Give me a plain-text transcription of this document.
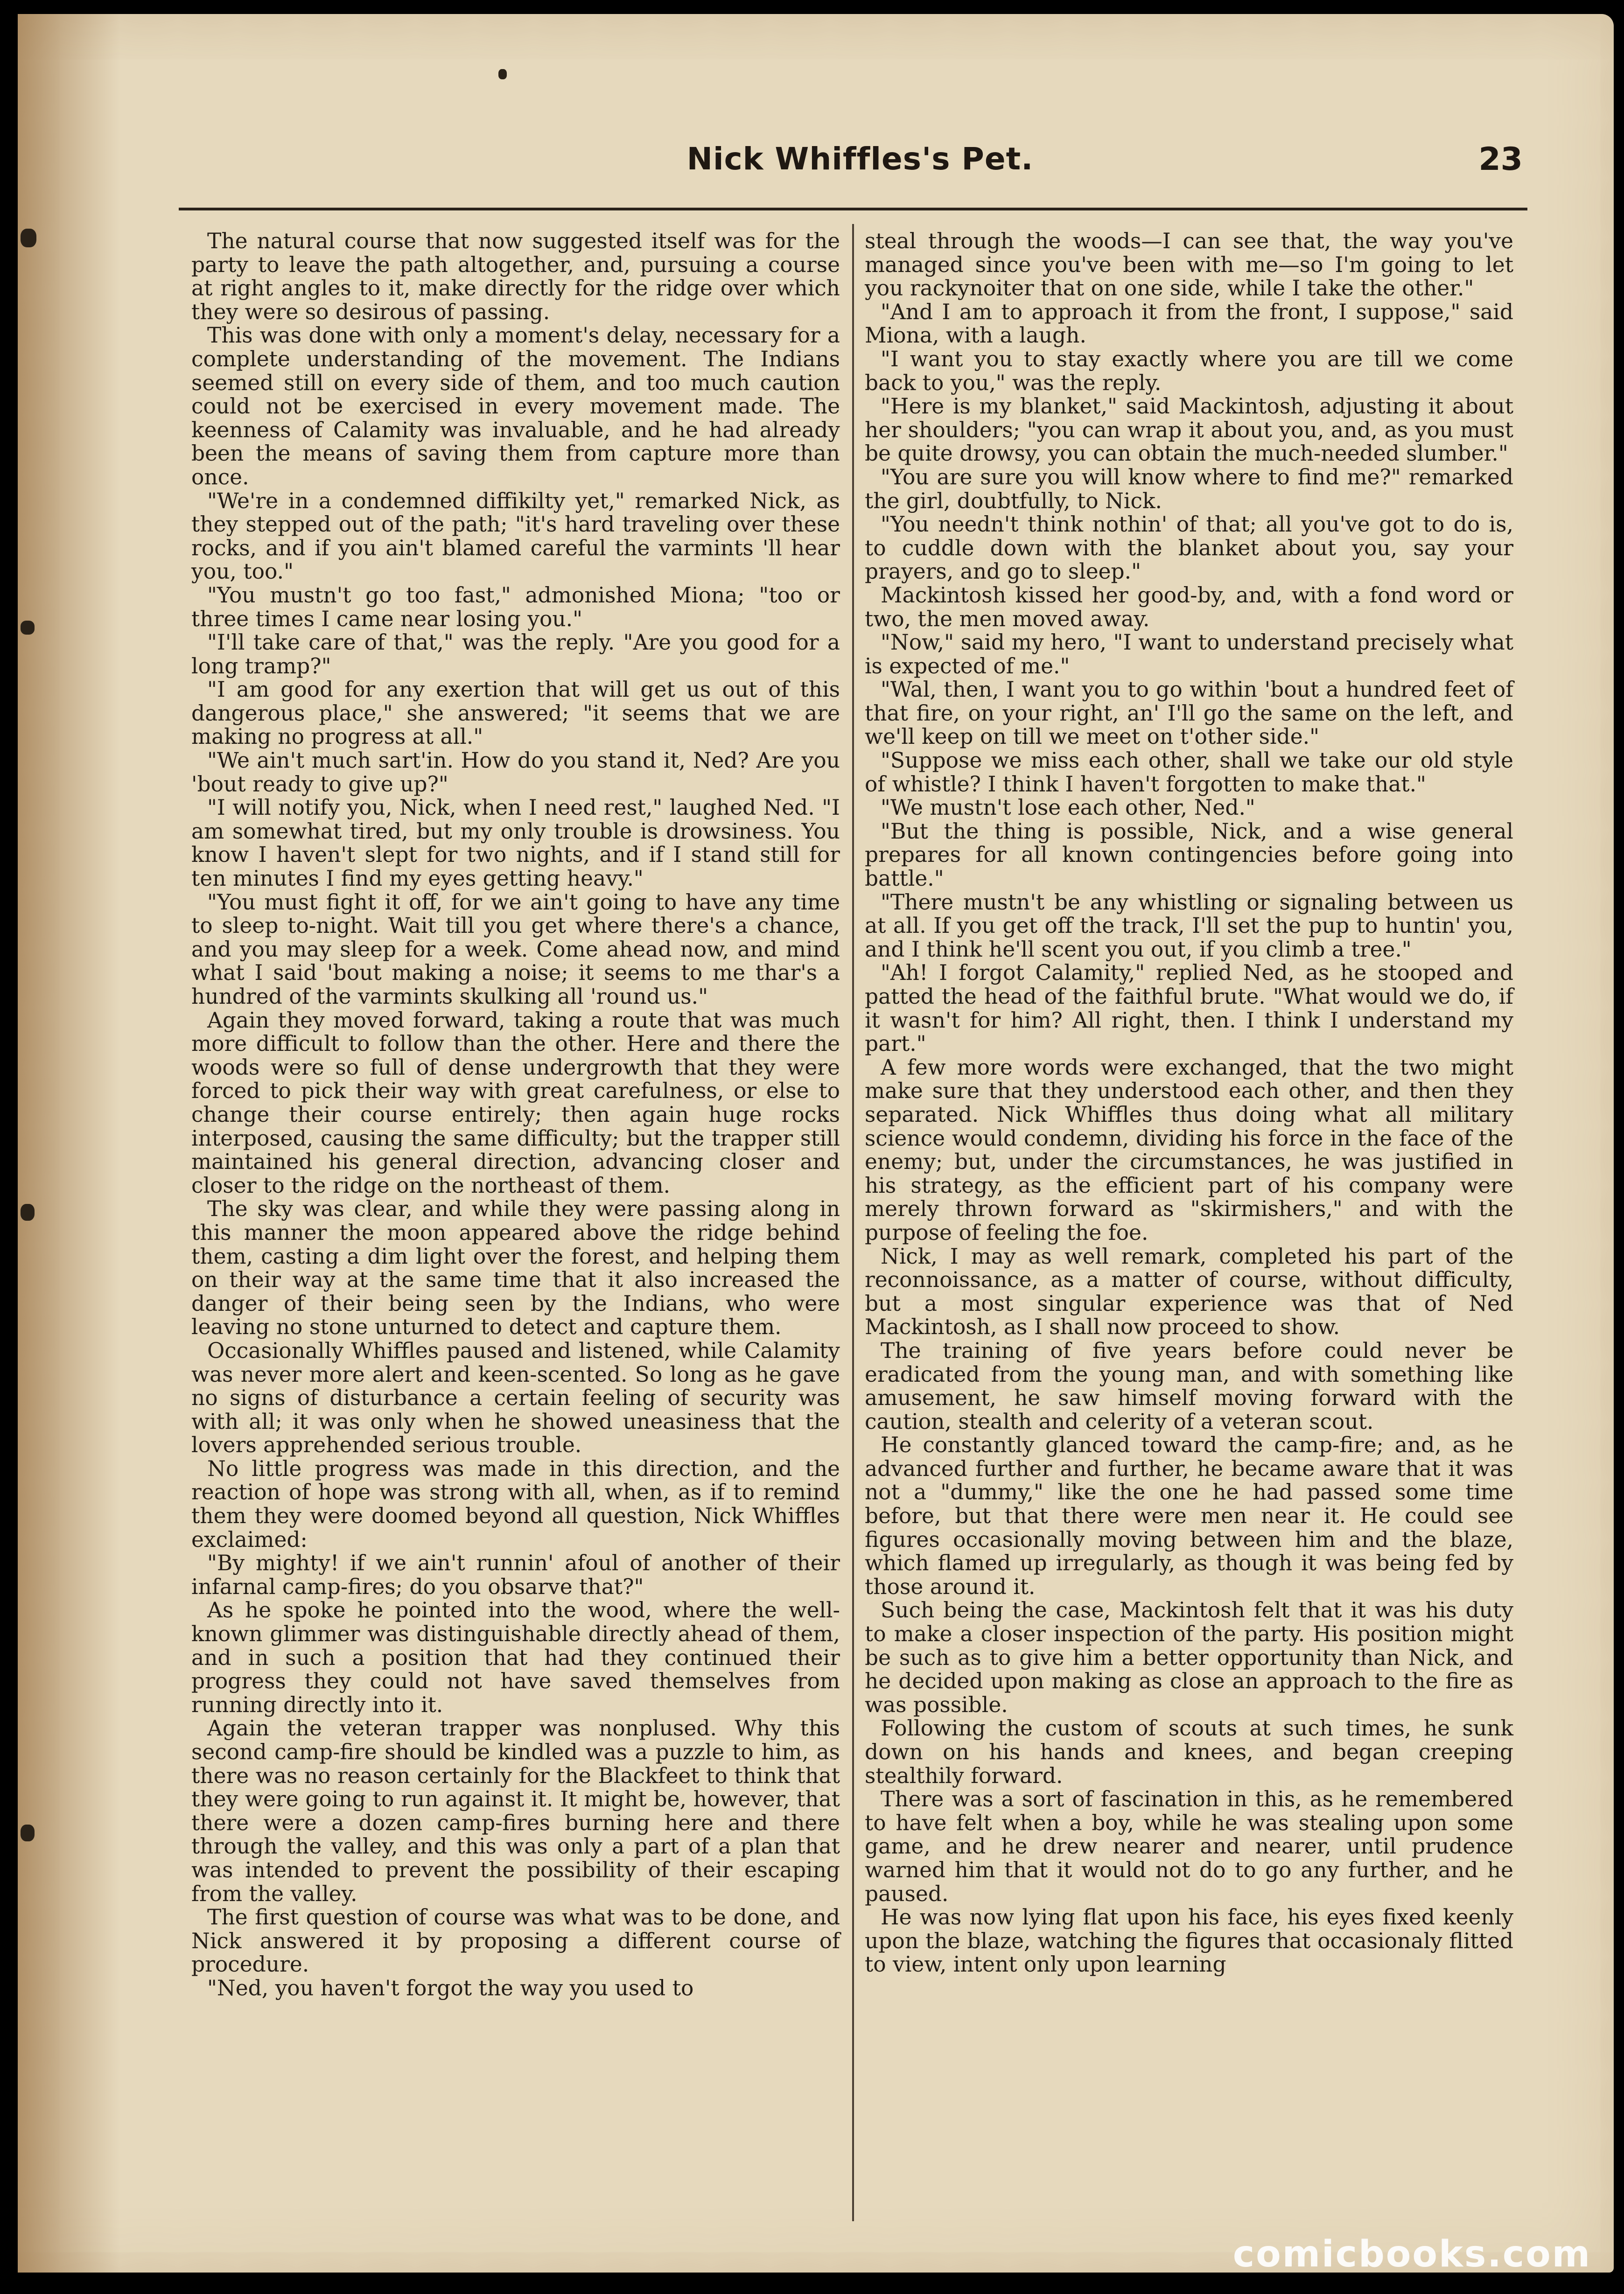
Nick Whiffles's Pet.	23

The natural course that now suggested itself was for the party to leave the path altogether, and, pursuing a course at right angles to it, make directly for the ridge over which they were so desirous of passing.

This was done with only a moment's delay, necessary for a complete understanding of the movement. The Indians seemed still on every side of them, and too much caution could not be exercised in every movement made. The keenness of Calamity was invaluable, and he had already been the means of saving them from capture more than once.

"We're in a condemned diffikilty yet," remarked Nick, as they stepped out of the path; "it's hard traveling over these rocks, and if you ain't blamed careful the varmints 'll hear you, too."

"You mustn't go too fast," admonished Miona; "too or three times I came near losing you."

"I'll take care of that," was the reply. "Are you good for a long tramp?"

"I am good for any exertion that will get us out of this dangerous place," she answered; "it seems that we are making no progress at all."

"We ain't much sart'in. How do you stand it, Ned? Are you 'bout ready to give up?"

"I will notify you, Nick, when I need rest," laughed Ned. "I am somewhat tired, but my only trouble is drowsiness. You know I haven't slept for two nights, and if I stand still for ten minutes I find my eyes getting heavy."

"You must fight it off, for we ain't going to have any time to sleep to-night. Wait till you get where there's a chance, and you may sleep for a week. Come ahead now, and mind what I said 'bout making a noise; it seems to me thar's a hundred of the varmints skulking all 'round us."

Again they moved forward, taking a route that was much more difficult to follow than the other. Here and there the woods were so full of dense undergrowth that they were forced to pick their way with great carefulness, or else to change their course entirely; then again huge rocks interposed, causing the same difficulty; but the trapper still maintained his general direction, advancing closer and closer to the ridge on the northeast of them.

The sky was clear, and while they were passing along in this manner the moon appeared above the ridge behind them, casting a dim light over the forest, and helping them on their way at the same time that it also increased the danger of their being seen by the Indians, who were leaving no stone unturned to detect and capture them.

Occasionally Whiffles paused and listened, while Calamity was never more alert and keen-scented. So long as he gave no signs of disturbance a certain feeling of security was with all; it was only when he showed uneasiness that the lovers apprehended serious trouble.

No little progress was made in this direction, and the reaction of hope was strong with all, when, as if to remind them they were doomed beyond all question, Nick Whiffles exclaimed:

"By mighty! if we ain't runnin' afoul of another of their infarnal camp-fires; do you obsarve that?"

As he spoke he pointed into the wood, where the well-known glimmer was distinguishable directly ahead of them, and in such a position that had they continued their progress they could not have saved themselves from running directly into it.

Again the veteran trapper was nonplused. Why this second camp-fire should be kindled was a puzzle to him, as there was no reason certainly for the Blackfeet to think that they were going to run against it. It might be, however, that there were a dozen camp-fires burning here and there through the valley, and this was only a part of a plan that was intended to prevent the possibility of their escaping from the valley.

The first question of course was what was to be done, and Nick answered it by proposing a different course of procedure.

"Ned, you haven't forgot the way you used to

steal through the woods—I can see that, the way you've managed since you've been with me—so I'm going to let you rackynoiter that on one side, while I take the other."

"And I am to approach it from the front, I suppose," said Miona, with a laugh.

"I want you to stay exactly where you are till we come back to you," was the reply.

"Here is my blanket," said Mackintosh, adjusting it about her shoulders; "you can wrap it about you, and, as you must be quite drowsy, you can obtain the much-needed slumber."

"You are sure you will know where to find me?" remarked the girl, doubtfully, to Nick.

"You needn't think nothin' of that; all you've got to do is, to cuddle down with the blanket about you, say your prayers, and go to sleep."

Mackintosh kissed her good-by, and, with a fond word or two, the men moved away.

"Now," said my hero, "I want to understand precisely what is expected of me."

"Wal, then, I want you to go within 'bout a hundred feet of that fire, on your right, an' I'll go the same on the left, and we'll keep on till we meet on t'other side."

"Suppose we miss each other, shall we take our old style of whistle? I think I haven't forgotten to make that."

"We mustn't lose each other, Ned."

"But the thing is possible, Nick, and a wise general prepares for all known contingencies before going into battle."

"There mustn't be any whistling or signaling between us at all. If you get off the track, I'll set the pup to huntin' you, and I think he'll scent you out, if you climb a tree."

"Ah! I forgot Calamity," replied Ned, as he stooped and patted the head of the faithful brute. "What would we do, if it wasn't for him? All right, then. I think I understand my part."

A few more words were exchanged, that the two might make sure that they understood each other, and then they separated. Nick Whiffles thus doing what all military science would condemn, dividing his force in the face of the enemy; but, under the circumstances, he was justified in his strategy, as the efficient part of his company were merely thrown forward as "skirmishers," and with the purpose of feeling the foe.

Nick, I may as well remark, completed his part of the reconnoissance, as a matter of course, without difficulty, but a most singular experience was that of Ned Mackintosh, as I shall now proceed to show.

The training of five years before could never be eradicated from the young man, and with something like amusement, he saw himself moving forward with the caution, stealth and celerity of a veteran scout.

He constantly glanced toward the camp-fire; and, as he advanced further and further, he became aware that it was not a "dummy," like the one he had passed some time before, but that there were men near it. He could see figures occasionally moving between him and the blaze, which flamed up irregularly, as though it was being fed by those around it.

Such being the case, Mackintosh felt that it was his duty to make a closer inspection of the party. His position might be such as to give him a better opportunity than Nick, and he decided upon making as close an approach to the fire as was possible.

Following the custom of scouts at such times, he sunk down on his hands and knees, and began creeping stealthily forward.

There was a sort of fascination in this, as he remembered to have felt when a boy, while he was stealing upon some game, and he drew nearer and nearer, until prudence warned him that it would not do to go any further, and he paused.

He was now lying flat upon his face, his eyes fixed keenly upon the blaze, watching the figures that occasionaly flitted to view, intent only upon learning

comicbooks.com
